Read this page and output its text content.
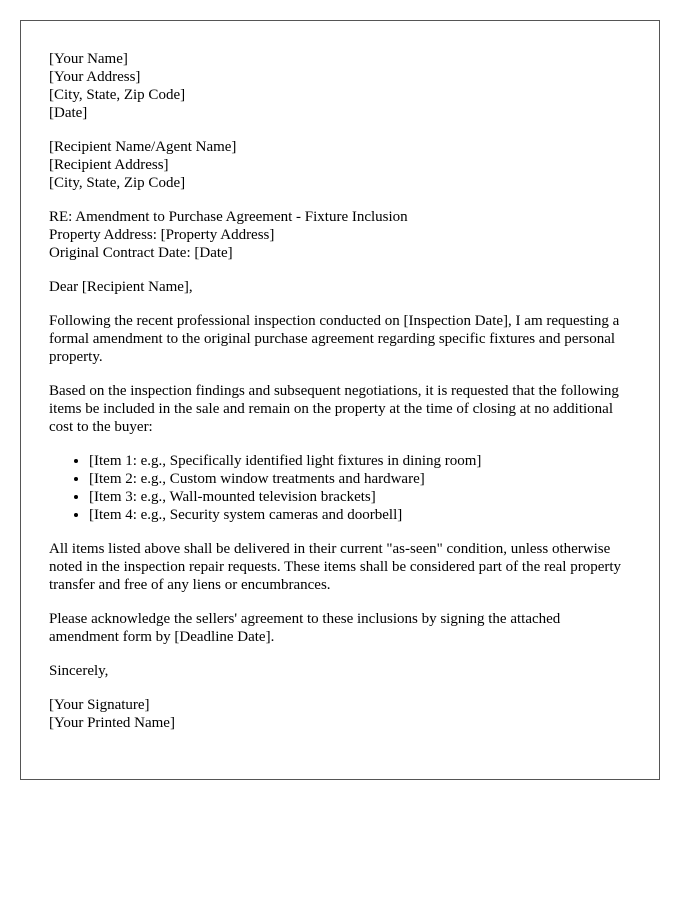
[Your Name]
[Your Address]
[City, State, Zip Code]
[Date]
[Recipient Name/Agent Name]
[Recipient Address]
[City, State, Zip Code]
RE: Amendment to Purchase Agreement - Fixture Inclusion
Property Address: [Property Address]
Original Contract Date: [Date]

Dear [Recipient Name],

Following the recent professional inspection conducted on [Inspection Date], I am requesting a formal amendment to the original purchase agreement regarding specific fixtures and personal property.

Based on the inspection findings and subsequent negotiations, it is requested that the following items be included in the sale and remain on the property at the time of closing at no additional cost to the buyer:

• [Item 1: e.g., Specifically identified light fixtures in dining room]
• [Item 2: e.g., Custom window treatments and hardware]
• [Item 3: e.g., Wall-mounted television brackets]
• [Item 4: e.g., Security system cameras and doorbell]

All items listed above shall be delivered in their current "as-seen" condition, unless otherwise noted in the inspection repair requests. These items shall be considered part of the real property transfer and free of any liens or encumbrances.

Please acknowledge the sellers' agreement to these inclusions by signing the attached amendment form by [Deadline Date].

Sincerely,

[Your Signature]
[Your Printed Name]
